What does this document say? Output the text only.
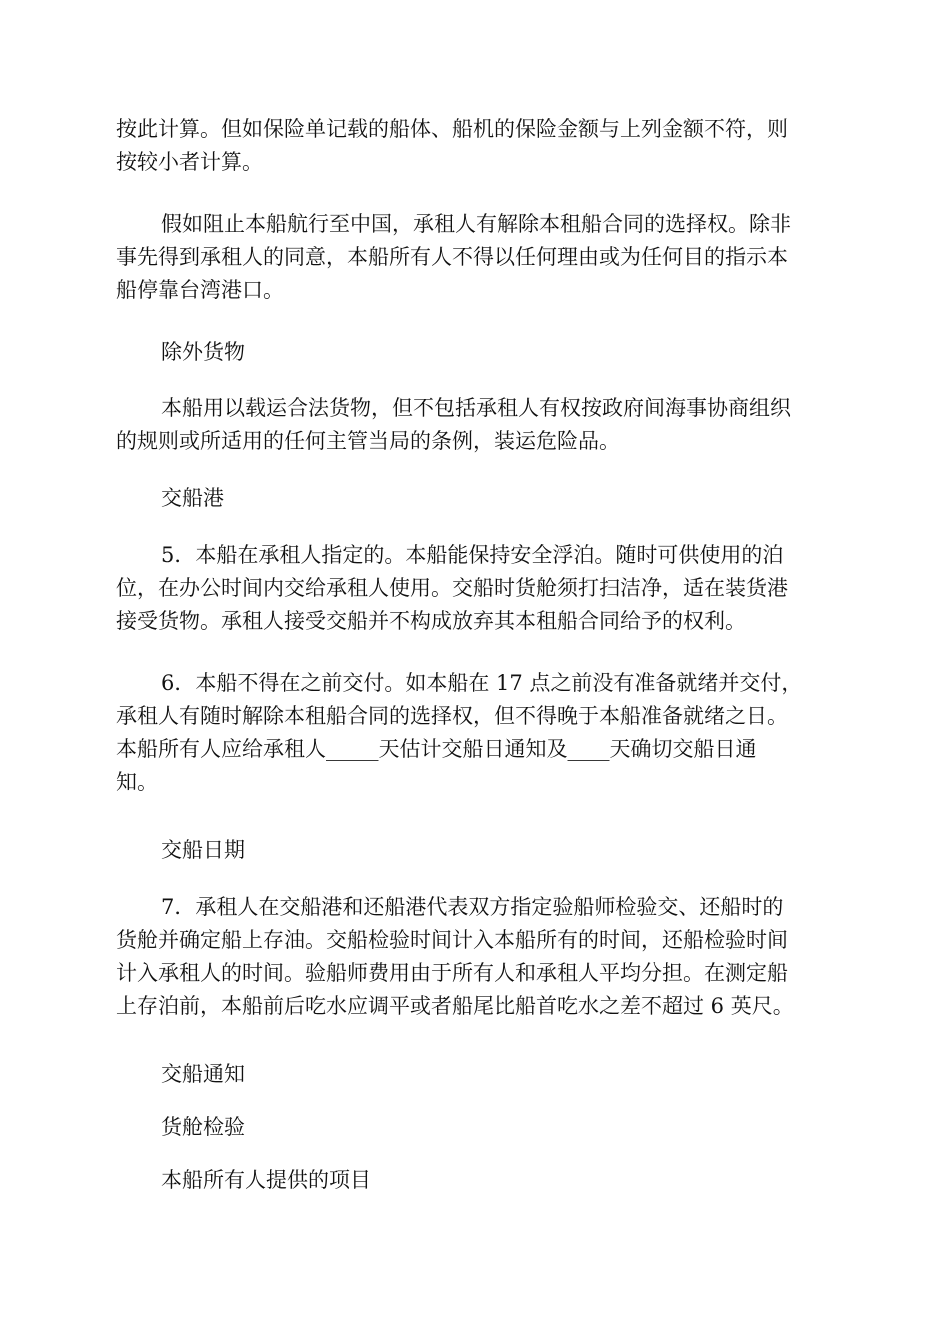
按此计算。但如保险单记载的船体、船机的保险金额与上列金额不符，则
按较小者计算。
假如阻止本船航行至中国，承租人有解除本租船合同的选择权。除非
事先得到承租人的同意，本船所有人不得以任何理由或为任何目的指示本
船停靠台湾港口。
除外货物
本船用以载运合法货物，但不包括承租人有权按政府间海事协商组织
的规则或所适用的任何主管当局的条例，装运危险品。
交船港
5．本船在承租人指定的。本船能保持安全浮泊。随时可供使用的泊
位，在办公时间内交给承租人使用。交船时货舱须打扫洁净，适在装货港
接受货物。承租人接受交船并不构成放弃其本租船合同给予的权利。
6．本船不得在之前交付。如本船在 17 点之前没有准备就绪并交付，
承租人有随时解除本租船合同的选择权，但不得晚于本船准备就绪之日。
本船所有人应给承租人_____天估计交船日通知及____天确切交船日通
知。
交船日期
7．承租人在交船港和还船港代表双方指定验船师检验交、还船时的
货舱并确定船上存油。交船检验时间计入本船所有的时间，还船检验时间
计入承租人的时间。验船师费用由于所有人和承租人平均分担。在测定船
上存泊前，本船前后吃水应调平或者船尾比船首吃水之差不超过 6 英尺。
交船通知
货舱检验
本船所有人提供的项目
